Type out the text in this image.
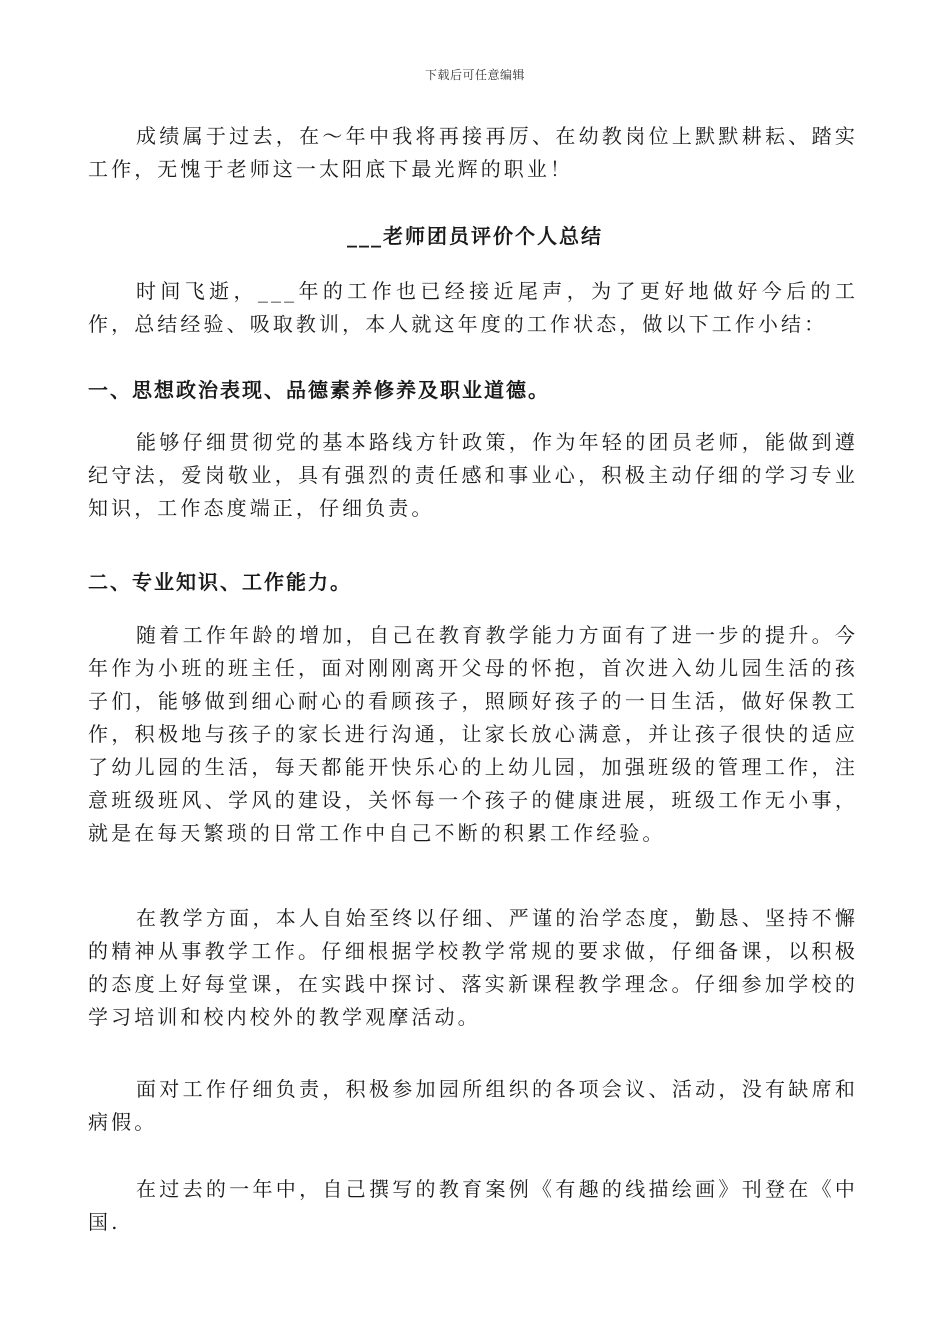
下载后可任意编辑

成绩属于过去，在～年中我将再接再厉、在幼教岗位上默默耕耘、踏实工作，无愧于老师这一太阳底下最光辉的职业！

___老师团员评价个人总结

时间飞逝，___年的工作也已经接近尾声，为了更好地做好今后的工作，总结经验、吸取教训，本人就这年度的工作状态，做以下工作小结：

一、思想政治表现、品德素养修养及职业道德。

能够仔细贯彻党的基本路线方针政策，作为年轻的团员老师，能做到遵纪守法，爱岗敬业，具有强烈的责任感和事业心，积极主动仔细的学习专业知识，工作态度端正，仔细负责。

二、专业知识、工作能力。

随着工作年龄的增加，自己在教育教学能力方面有了进一步的提升。今年作为小班的班主任，面对刚刚离开父母的怀抱，首次进入幼儿园生活的孩子们，能够做到细心耐心的看顾孩子，照顾好孩子的一日生活，做好保教工作，积极地与孩子的家长进行沟通，让家长放心满意，并让孩子很快的适应了幼儿园的生活，每天都能开快乐心的上幼儿园，加强班级的管理工作，注意班级班风、学风的建设，关怀每一个孩子的健康进展，班级工作无小事，就是在每天繁琐的日常工作中自己不断的积累工作经验。

在教学方面，本人自始至终以仔细、严谨的治学态度，勤恳、坚持不懈的精神从事教学工作。仔细根据学校教学常规的要求做，仔细备课，以积极的态度上好每堂课，在实践中探讨、落实新课程教学理念。仔细参加学校的学习培训和校内校外的教学观摩活动。

面对工作仔细负责，积极参加园所组织的各项会议、活动，没有缺席和病假。

在过去的一年中，自己撰写的教育案例《有趣的线描绘画》刊登在《中国.
